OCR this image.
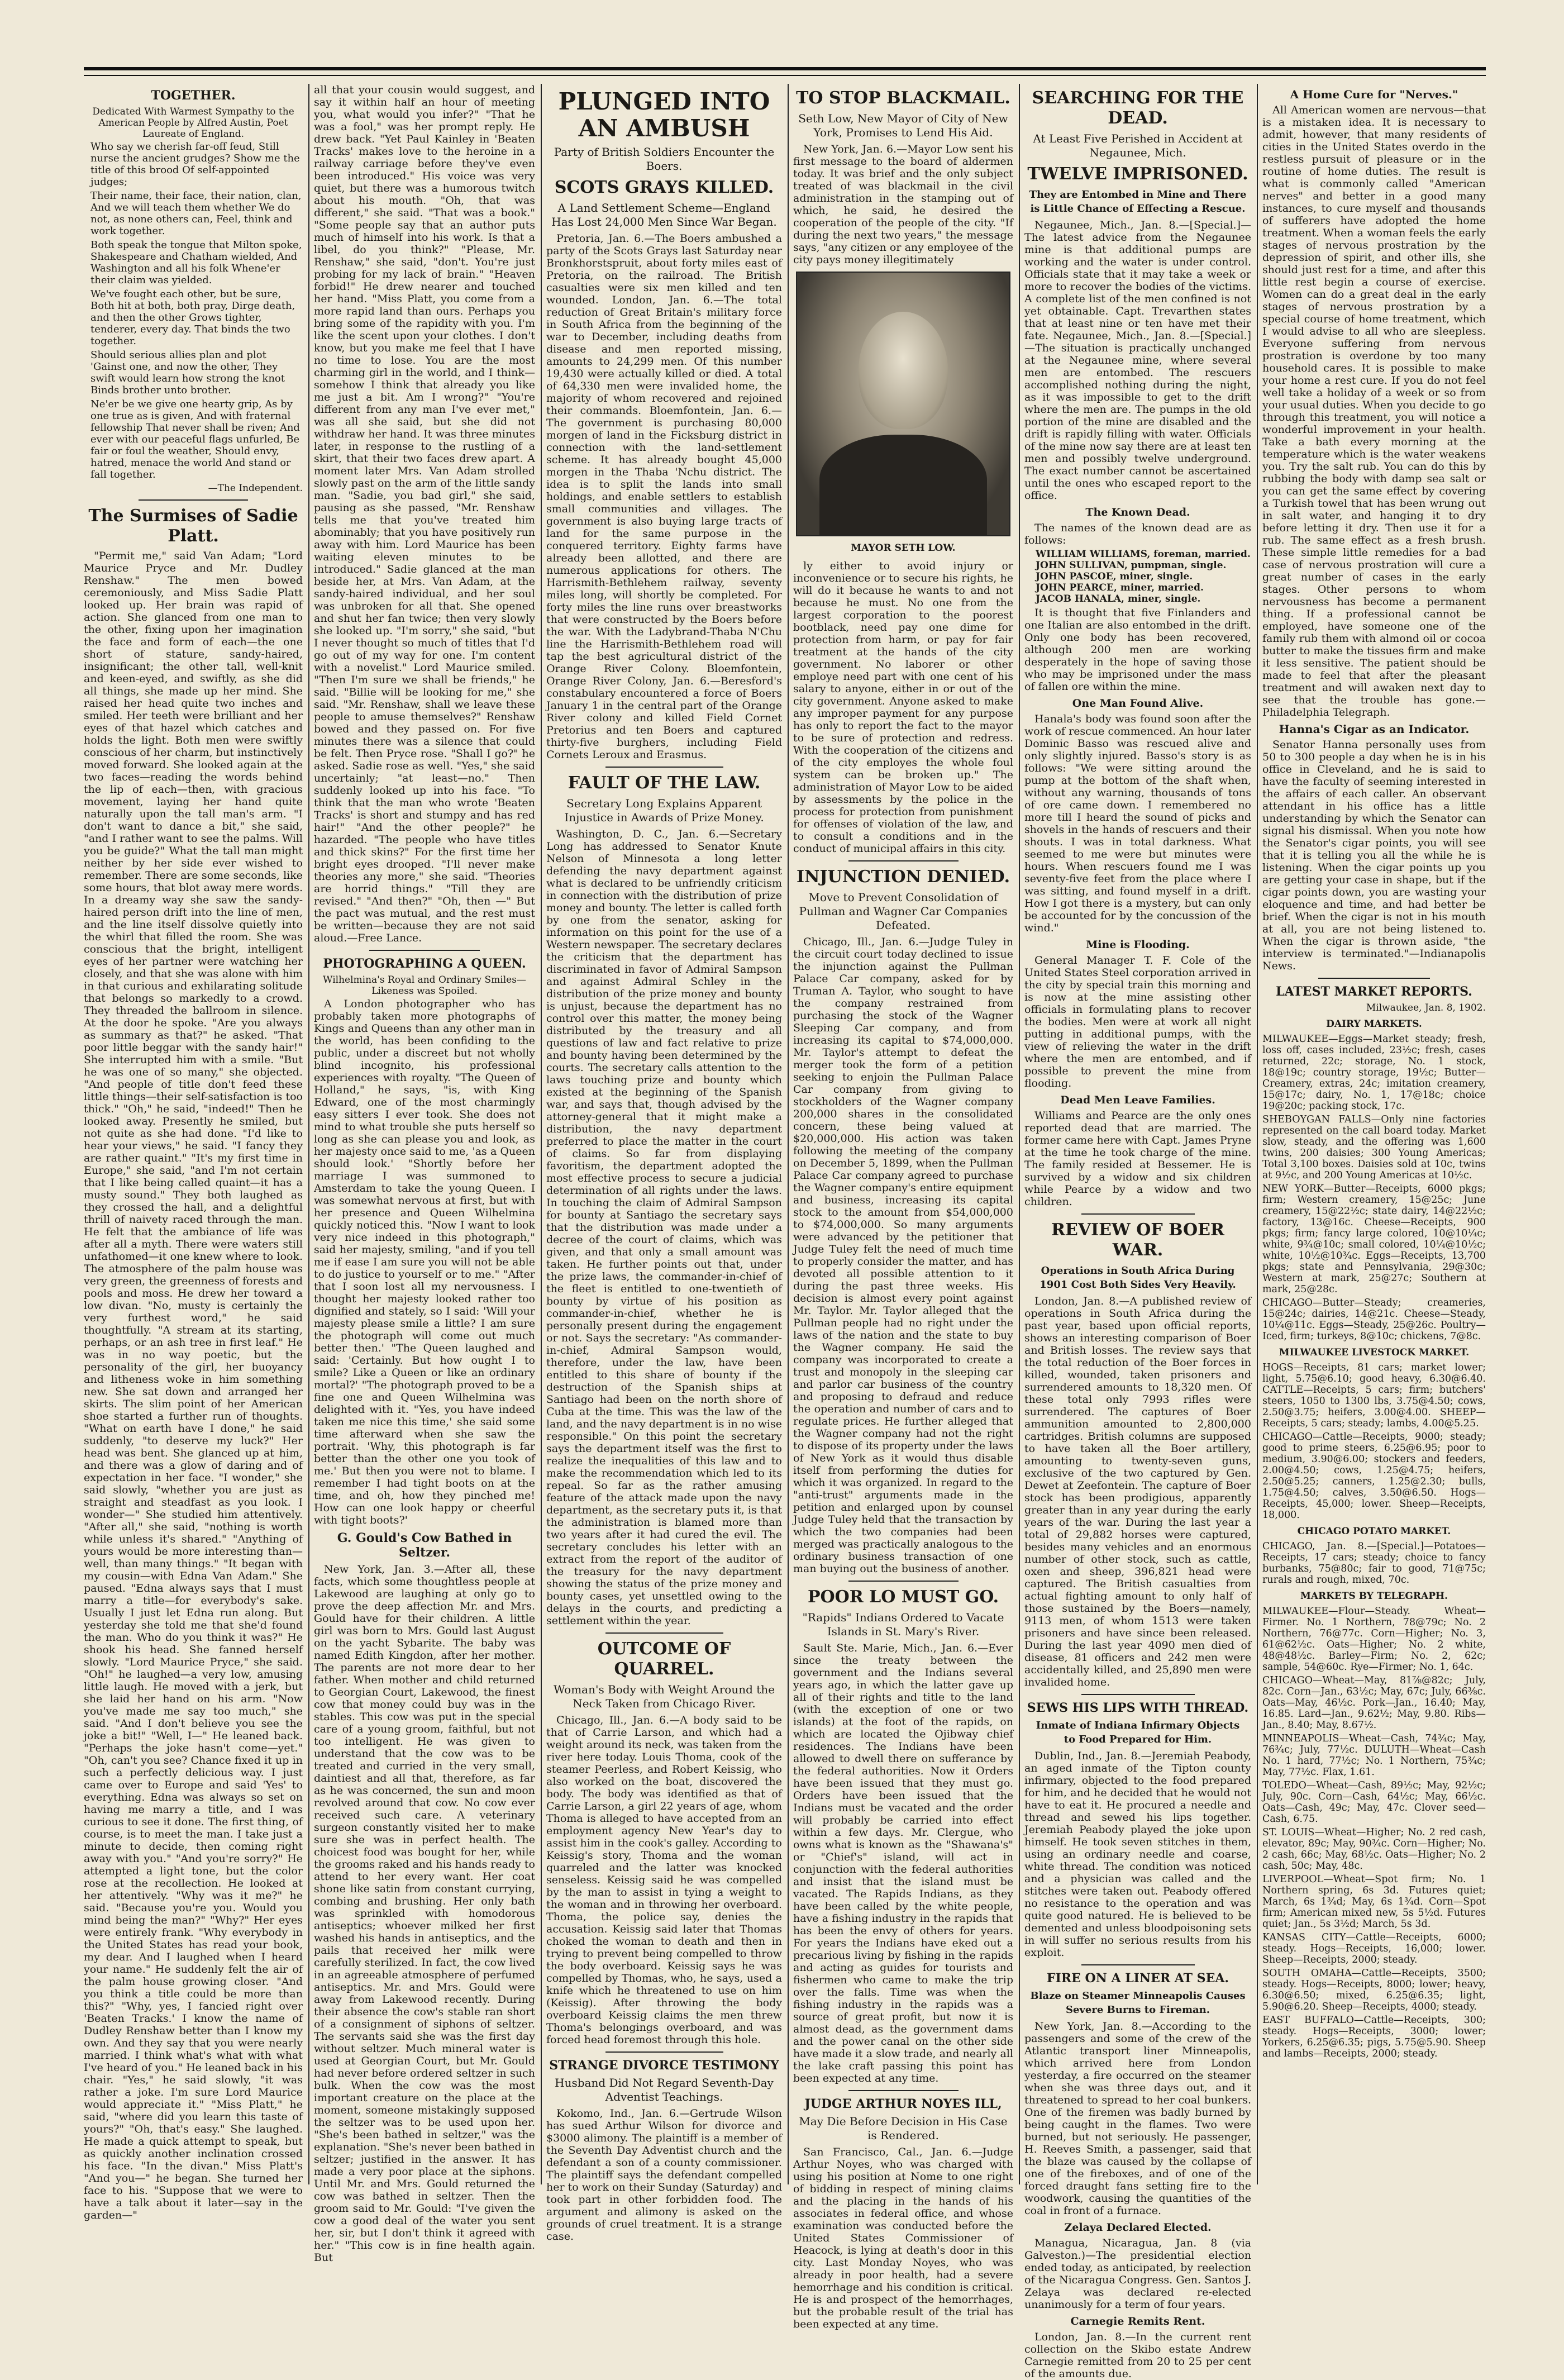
TOGETHER.
Dedicated With Warmest Sympathy to the American People by Alfred Austin, Poet Laureate of England.

Who say we cherish far-off feud, Still nurse the ancient grudges? Show me the title of this brood Of self-appointed judges;

Their name, their face, their nation, clan, And we will teach them whether We do not, as none others can, Feel, think and work together.

Both speak the tongue that Milton spoke, Shakespeare and Chatham wielded, And Washington and all his folk Whene'er their claim was yielded.

We've fought each other, but be sure, Both hit at both, both pray, Dirge death, and then the other Grows tighter, tenderer, every day. That binds the two together.

Should serious allies plan and plot 'Gainst one, and now the other, They swift would learn how strong the knot Binds brother unto brother.

Ne'er be we give one hearty grip, As by one true as is given, And with fraternal fellowship That never shall be riven; And ever with our peaceful flags unfurled, Be fair or foul the weather, Should envy, hatred, menace the world And stand or fall together.

—The Independent.
The Surmises of Sadie Platt.

"Permit me," said Van Adam; "Lord Maurice Pryce and Mr. Dudley Renshaw." The men bowed ceremoniously, and Miss Sadie Platt looked up. Her brain was rapid of action. She glanced from one man to the other, fixing upon her imagination the face and form of each—the one short of stature, sandy-haired, insignificant; the other tall, well-knit and keen-eyed, and swiftly, as she did all things, she made up her mind. She raised her head quite two inches and smiled. Her teeth were brilliant and her eyes of that hazel which catches and holds the light. Both men were swiftly conscious of her charm, but instinctively moved forward. She looked again at the two faces—reading the words behind the lip of each—then, with gracious movement, laying her hand quite naturally upon the tall man's arm. "I don't want to dance a bit," she said, "and I rather want to see the palms. Will you be guide?" What the tall man might neither by her side ever wished to remember. There are some seconds, like some hours, that blot away mere words. In a dreamy way she saw the sandy-haired person drift into the line of men, and the line itself dissolve quietly into the whirl that filled the room. She was conscious that the bright, intelligent eyes of her partner were watching her closely, and that she was alone with him in that curious and exhilarating solitude that belongs so markedly to a crowd. They threaded the ballroom in silence. At the door he spoke. "Are you always as summary as that?" he asked. "That poor little beggar with the sandy hair!" She interrupted him with a smile. "But he was one of so many," she objected. "And people of title don't feed these little things—their self-satisfaction is too thick." "Oh," he said, "indeed!" Then he looked away. Presently he smiled, but not quite as she had done. "I'd like to hear your views," he said. "I fancy they are rather quaint." "It's my first time in Europe," she said, "and I'm not certain that I like being called quaint—it has a musty sound." They both laughed as they crossed the hall, and a delightful thrill of naivety raced through the man. He felt that the ambiance of life was after all a myth. There were waters still unfathomed—it one knew where to look. The atmosphere of the palm house was very green, the greenness of forests and pools and moss. He drew her toward a low divan. "No, musty is certainly the very furthest word," he said thoughtfully. "A stream at its starting, perhaps, or an ash tree in first leaf." He was in no way poetic, but the personality of the girl, her buoyancy and litheness woke in him something new. She sat down and arranged her skirts. The slim point of her American shoe started a further run of thoughts. "What on earth have I done," he said suddenly, "to deserve my luck?" Her head was bent. She glanced up at him, and there was a glow of daring and of expectation in her face. "I wonder," she said slowly, "whether you are just as straight and steadfast as you look. I wonder—" She studied him attentively. "After all," she said, "nothing is worth while unless it's shared." "Anything of yours would be more interesting than—well, than many things." "It began with my cousin—with Edna Van Adam." She paused. "Edna always says that I must marry a title—for everybody's sake. Usually I just let Edna run along. But yesterday she told me that she'd found the man. Who do you think it was?" He shook his head. She fanned herself slowly. "Lord Maurice Pryce," she said. "Oh!" he laughed—a very low, amusing little laugh. He moved with a jerk, but she laid her hand on his arm. "Now you've made me say too much," she said. "And I don't believe you see the joke a bit!" "Well, I—" He leaned back. "Perhaps the joke hasn't come—yet." "Oh, can't you see? Chance fixed it up in such a perfectly delicious way. I just came over to Europe and said 'Yes' to everything. Edna was always so set on having me marry a title, and I was curious to see it done. The first thing, of course, is to meet the man. I take just a minute to decide, then coming right away with you." "And you're sorry?" He attempted a light tone, but the color rose at the recollection. He looked at her attentively. "Why was it me?" he said. "Because you're you. Would you mind being the man?" "Why?" Her eyes were entirely frank. "Why everybody in the United States has read your book, my dear. And I laughed when I heard your name." He suddenly felt the air of the palm house growing closer. "And you think a title could be more than this?" "Why, yes, I fancied right over 'Beaten Tracks.' I know the name of Dudley Renshaw better than I know my own. And they say that you were nearly married. I think what's what with what I've heard of you." He leaned back in his chair. "Yes," he said slowly, "it was rather a joke. I'm sure Lord Maurice would appreciate it." "Miss Platt," he said, "where did you learn this taste of yours?" "Oh, that's easy." She laughed. He made a quick attempt to speak, but as quickly another inclination crossed his face. "In the divan." Miss Platt's "And you—" he began. She turned her face to his. "Suppose that we were to have a talk about it later—say in the garden—"

all that your cousin would suggest, and say it within half an hour of meeting you, what would you infer?" "That he was a fool," was her prompt reply. He drew back. "Yet Paul Kainley in 'Beaten Tracks' makes love to the heroine in a railway carriage before they've even been introduced." His voice was very quiet, but there was a humorous twitch about his mouth. "Oh, that was different," she said. "That was a book." "Some people say that an author puts much of himself into his work. Is that a libel, do you think?" "Please, Mr. Renshaw," she said, "don't. You're just probing for my lack of brain." "Heaven forbid!" He drew nearer and touched her hand. "Miss Platt, you come from a more rapid land than ours. Perhaps you bring some of the rapidity with you. I'm like the scent upon your clothes. I don't know, but you make me feel that I have no time to lose. You are the most charming girl in the world, and I think—somehow I think that already you like me just a bit. Am I wrong?" "You're different from any man I've ever met," was all she said, but she did not withdraw her hand. It was three minutes later, in response to the rustling of a skirt, that their two faces drew apart. A moment later Mrs. Van Adam strolled slowly past on the arm of the little sandy man. "Sadie, you bad girl," she said, pausing as she passed, "Mr. Renshaw tells me that you've treated him abominably; that you have positively run away with him. Lord Maurice has been waiting eleven minutes to be introduced." Sadie glanced at the man beside her, at Mrs. Van Adam, at the sandy-haired individual, and her soul was unbroken for all that. She opened and shut her fan twice; then very slowly she looked up. "I'm sorry," she said, "but I never thought so much of titles that I'd go out of my way for one. I'm content with a novelist." Lord Maurice smiled. "Then I'm sure we shall be friends," he said. "Billie will be looking for me," she said. "Mr. Renshaw, shall we leave these people to amuse themselves?" Renshaw bowed and they passed on. For five minutes there was a silence that could be felt. Then Pryce rose. "Shall I go?" he asked. Sadie rose as well. "Yes," she said uncertainly; "at least—no." Then suddenly looked up into his face. "To think that the man who wrote 'Beaten Tracks' is short and stumpy and has red hair!" "And the other people?" he hazarded. "The people who have titles and thick skins?" For the first time her bright eyes drooped. "I'll never make theories any more," she said. "Theories are horrid things." "Till they are revised." "And then?" "Oh, then —" But the pact was mutual, and the rest must be written—because they are not said aloud.—Free Lance.

PHOTOGRAPHING A QUEEN.
Wilhelmina's Royal and Ordinary Smiles—Likeness was Spoiled.

A London photographer who has probably taken more photographs of Kings and Queens than any other man in the world, has been confiding to the public, under a discreet but not wholly blind incognito, his professional experiences with royalty. "The Queen of Holland," he says, "is, with King Edward, one of the most charmingly easy sitters I ever took. She does not mind to what trouble she puts herself so long as she can please you and look, as her majesty once said to me, 'as a Queen should look.' "Shortly before her marriage I was summoned to Amsterdam to take the young Queen. I was somewhat nervous at first, but with her presence and Queen Wilhelmina quickly noticed this. "Now I want to look very nice indeed in this photograph," said her majesty, smiling, "and if you tell me if ease I am sure you will not be able to do justice to yourself or to me." "After that I soon lost all my nervousness. I thought her majesty looked rather too dignified and stately, so I said: 'Will your majesty please smile a little? I am sure the photograph will come out much better then.' "The Queen laughed and said: 'Certainly. But how ought I to smile? Like a Queen or like an ordinary mortal?' "The photograph proved to be a fine one and Queen Wilhelmina was delighted with it. "Yes, you have indeed taken me nice this time,' she said some time afterward when she saw the portrait. 'Why, this photograph is far better than the other one you took of me.' But then you were not to blame. I remember I had tight boots on at the time, and oh, how they pinched me! How can one look happy or cheerful with tight boots?'

G. Gould's Cow Bathed in Seltzer.

New York, Jan. 3.—After all, these facts, which some thoughtless people at Lakewood are laughing at only go to prove the deep affection Mr. and Mrs. Gould have for their children. A little girl was born to Mrs. Gould last August on the yacht Sybarite. The baby was named Edith Kingdon, after her mother. The parents are not more dear to her father. When mother and child returned to Georgian Court, Lakewood, the finest cow that money could buy was in the stables. This cow was put in the special care of a young groom, faithful, but not too intelligent. He was given to understand that the cow was to be treated and curried in the very small, daintiest and all that, therefore, as far as he was concerned, the sun and moon revolved around that cow. No cow ever received such care. A veterinary surgeon constantly visited her to make sure she was in perfect health. The choicest food was bought for her, while the grooms raked and his hands ready to attend to her every want. Her coat shone like satin from constant currying, combing and brushing. Her only bath was sprinkled with homodorous antiseptics; whoever milked her first washed his hands in antiseptics, and the pails that received her milk were carefully sterilized. In fact, the cow lived in an agreeable atmosphere of perfumed antiseptics. Mr. and Mrs. Gould were away from Lakewood recently. During their absence the cow's stable ran short of a consignment of siphons of seltzer. The servants said she was the first day without seltzer. Much mineral water is used at Georgian Court, but Mr. Gould had never before ordered seltzer in such bulk. When the cow was the most important creature on the place at the moment, someone mistakingly supposed the seltzer was to be used upon her. "She's been bathed in seltzer," was the explanation. "She's never been bathed in seltzer; justified in the answer. It has made a very poor place at the siphons. Until Mr. and Mrs. Gould returned the cow was bathed in seltzer. Then the groom said to Mr. Gould: "I've given the cow a good deal of the water you sent her, sir, but I don't think it agreed with her." "This cow is in fine health again. But

PLUNGED INTO AN AMBUSH
Party of British Soldiers Encounter the Boers.
SCOTS GRAYS KILLED.
A Land Settlement Scheme—England Has Lost 24,000 Men Since War Began.

Pretoria, Jan. 6.—The Boers ambushed a party of the Scots Grays last Saturday near Bronkhorstspruit, about forty miles east of Pretoria, on the railroad. The British casualties were six men killed and ten wounded. London, Jan. 6.—The total reduction of Great Britain's military force in South Africa from the beginning of the war to December, including deaths from disease and men reported missing, amounts to 24,299 men. Of this number 19,430 were actually killed or died. A total of 64,330 men were invalided home, the majority of whom recovered and rejoined their commands. Bloemfontein, Jan. 6.—The government is purchasing 80,000 morgen of land in the Ficksburg district in connection with the land-settlement scheme. It has already bought 45,000 morgen in the Thaba 'Nchu district. The idea is to split the lands into small holdings, and enable settlers to establish small communities and villages. The government is also buying large tracts of land for the same purpose in the conquered territory. Eighty farms have already been allotted, and there are numerous applications for others. The Harrismith-Bethlehem railway, seventy miles long, will shortly be completed. For forty miles the line runs over breastworks that were constructed by the Boers before the war. With the Ladybrand-Thaba N'Chu line the Harrismith-Bethlehem road will tap the best agricultural district of the Orange River Colony. Bloemfontein, Orange River Colony, Jan. 6.—Beresford's constabulary encountered a force of Boers January 1 in the central part of the Orange River colony and killed Field Cornet Pretorius and ten Boers and captured thirty-five burghers, including Field Cornets Leroux and Erasmus.

FAULT OF THE LAW.
Secretary Long Explains Apparent Injustice in Awards of Prize Money.

Washington, D. C., Jan. 6.—Secretary Long has addressed to Senator Knute Nelson of Minnesota a long letter defending the navy department against what is declared to be unfriendly criticism in connection with the distribution of prize money and bounty. The letter is called forth by one from the senator, asking for information on this point for the use of a Western newspaper. The secretary declares the criticism that the department has discriminated in favor of Admiral Sampson and against Admiral Schley in the distribution of the prize money and bounty is unjust, because the department has no control over this matter, the money being distributed by the treasury and all questions of law and fact relative to prize and bounty having been determined by the courts. The secretary calls attention to the laws touching prize and bounty which existed at the beginning of the Spanish war, and says that, though advised by the attorney-general that it might make a distribution, the navy department preferred to place the matter in the court of claims. So far from displaying favoritism, the department adopted the most effective process to secure a judicial determination of all rights under the laws. In touching the claim of Admiral Sampson for bounty at Santiago the secretary says that the distribution was made under a decree of the court of claims, which was given, and that only a small amount was taken. He further points out that, under the prize laws, the commander-in-chief of the fleet is entitled to one-twentieth of bounty by virtue of his position as commander-in-chief, whether he is personally present during the engagement or not. Says the secretary: "As commander-in-chief, Admiral Sampson would, therefore, under the law, have been entitled to this share of bounty if the destruction of the Spanish ships at Santiago had been on the north shore of Cuba at the time. This was the law of the land, and the navy department is in no wise responsible." On this point the secretary says the department itself was the first to realize the inequalities of this law and to make the recommendation which led to its repeal. So far as the rather amusing feature of the attack made upon the navy department, as the secretary puts it, is that the administration is blamed more than two years after it had cured the evil. The secretary concludes his letter with an extract from the report of the auditor of the treasury for the navy department showing the status of the prize money and bounty cases, yet unsettled owing to the delays in the courts, and predicting a settlement within the year.

OUTCOME OF QUARREL.
Woman's Body with Weight Around the Neck Taken from Chicago River.

Chicago, Ill., Jan. 6.—A body said to be that of Carrie Larson, and which had a weight around its neck, was taken from the river here today. Louis Thoma, cook of the steamer Peerless, and Robert Keissig, who also worked on the boat, discovered the body. The body was identified as that of Carrie Larson, a girl 22 years of age, whom Thoma is alleged to have accepted from an employment agency New Year's day to assist him in the cook's galley. According to Keissig's story, Thoma and the woman quarreled and the latter was knocked senseless. Keissig said he was compelled by the man to assist in tying a weight to the woman and in throwing her overboard. Thoma, the police say, denies the accusation. Keissig said later that Thomas choked the woman to death and then in trying to prevent being compelled to throw the body overboard. Keissig says he was compelled by Thomas, who, he says, used a knife which he threatened to use on him (Keissig). After throwing the body overboard Keissig claims the men threw Thoma's belongings overboard, and was forced head foremost through this hole.

STRANGE DIVORCE TESTIMONY
Husband Did Not Regard Seventh-Day Adventist Teachings.

Kokomo, Ind., Jan. 6.—Gertrude Wilson has sued Arthur Wilson for divorce and $3000 alimony. The plaintiff is a member of the Seventh Day Adventist church and the defendant a son of a county commissioner. The plaintiff says the defendant compelled her to work on their Sunday (Saturday) and took part in other forbidden food. The argument and alimony is asked on the grounds of cruel treatment. It is a strange case.

TO STOP BLACKMAIL.
Seth Low, New Mayor of City of New York, Promises to Lend His Aid.

New York, Jan. 6.—Mayor Low sent his first message to the board of aldermen today. It was brief and the only subject treated of was blackmail in the civil administration in the stamping out of which, he said, he desired the cooperation of the people of the city. "If during the next two years," the message says, "any citizen or any employee of the city pays money illegitimately

MAYOR SETH LOW.

ly either to avoid injury or inconvenience or to secure his rights, he will do it because he wants to and not because he must. No one from the largest corporation to the poorest bootblack, need pay one dime for protection from harm, or pay for fair treatment at the hands of the city government. No laborer or other employe need part with one cent of his salary to anyone, either in or out of the city government. Anyone asked to make any improper payment for any purpose has only to report the fact to the mayor to be sure of protection and redress. With the cooperation of the citizens and of the city employes the whole foul system can be broken up." The administration of Mayor Low to be aided by assessments by the police in the process for protection from punishment for offenses of violation of the law, and to consult a conditions and in the conduct of municipal affairs in this city.

INJUNCTION DENIED.
Move to Prevent Consolidation of Pullman and Wagner Car Companies Defeated.

Chicago, Ill., Jan. 6.—Judge Tuley in the circuit court today declined to issue the injunction against the Pullman Palace Car company, asked for by Truman A. Taylor, who sought to have the company restrained from purchasing the stock of the Wagner Sleeping Car company, and from increasing its capital to $74,000,000. Mr. Taylor's attempt to defeat the merger took the form of a petition seeking to enjoin the Pullman Palace Car company from giving to stockholders of the Wagner company 200,000 shares in the consolidated concern, these being valued at $20,000,000. His action was taken following the meeting of the company on December 5, 1899, when the Pullman Palace Car company agreed to purchase the Wagner company's entire equipment and business, increasing its capital stock to the amount from $54,000,000 to $74,000,000. So many arguments were advanced by the petitioner that Judge Tuley felt the need of much time to properly consider the matter, and has devoted all possible attention to it during the past three weeks. His decision is almost every point against Mr. Taylor. Mr. Taylor alleged that the Pullman people had no right under the laws of the nation and the state to buy the Wagner company. He said the company was incorporated to create a trust and monopoly in the sleeping car and parlor car business of the country and proposing to defraud and reduce the operation and number of cars and to regulate prices. He further alleged that the Wagner company had not the right to dispose of its property under the laws of New York as it would thus disable itself from performing the duties for which it was organized. In regard to the "anti-trust" arguments made in the petition and enlarged upon by counsel Judge Tuley held that the transaction by which the two companies had been merged was practically analogous to the ordinary business transaction of one man buying out the business of another.

POOR LO MUST GO.
"Rapids" Indians Ordered to Vacate Islands in St. Mary's River.

Sault Ste. Marie, Mich., Jan. 6.—Ever since the treaty between the government and the Indians several years ago, in which the latter gave up all of their rights and title to the land (with the exception of one or two islands) at the foot of the rapids, on which are located the Ojibway chief residences. The Indians have been allowed to dwell there on sufferance by the federal authorities. Now it Orders have been issued that they must go. Orders have been issued that the Indians must be vacated and the order will probably be carried into effect within a few days. Mr. Clergue, who owns what is known as the "Shawana's" or "Chief's" island, will act in conjunction with the federal authorities and insist that the island must be vacated. The Rapids Indians, as they have been called by the white people, have a fishing industry in the rapids that has been the envy of others for years. For years the Indians have eked out a precarious living by fishing in the rapids and acting as guides for tourists and fishermen who came to make the trip over the falls. Time was when the fishing industry in the rapids was a source of great profit, but now it is almost dead, as the government dams and the power canal on the other side have made it a slow trade, and nearly all the lake craft passing this point has been expected at any time.

JUDGE ARTHUR NOYES ILL,
May Die Before Decision in His Case is Rendered.

San Francisco, Cal., Jan. 6.—Judge Arthur Noyes, who was charged with using his position at Nome to one right of bidding in respect of mining claims and the placing in the hands of his associates in federal office, and whose examination was conducted before the United States Commissioner of Heacock, is lying at death's door in this city. Last Monday Noyes, who was already in poor health, had a severe hemorrhage and his condition is critical. He is and prospect of the hemorrhages, but the probable result of the trial has been expected at any time.

SEARCHING FOR THE DEAD.
At Least Five Perished in Accident at Negaunee, Mich.
TWELVE IMPRISONED.
They are Entombed in Mine and There is Little Chance of Effecting a Rescue.

Negaunee, Mich., Jan. 8.—[Special.]—The latest advice from the Negaunee mine is that additional pumps are working and the water is under control. Officials state that it may take a week or more to recover the bodies of the victims. A complete list of the men confined is not yet obtainable. Capt. Trevarthen states that at least nine or ten have met their fate. Negaunee, Mich., Jan. 8.—[Special.]—The situation is practically unchanged at the Negaunee mine, where several men are entombed. The rescuers accomplished nothing during the night, as it was impossible to get to the drift where the men are. The pumps in the old portion of the mine are disabled and the drift is rapidly filling with water. Officials of the mine now say there are at least ten men and possibly twelve underground. The exact number cannot be ascertained until the ones who escaped report to the office.

The Known Dead.

The names of the known dead are as follows:

WILLIAM WILLIAMS, foreman, married.
JOHN SULLIVAN, pumpman, single.
JOHN PASCOE, miner, single.
JOHN PEARCE, miner, married.
JACOB HANALA, miner, single.

It is thought that five Finlanders and one Italian are also entombed in the drift. Only one body has been recovered, although 200 men are working desperately in the hope of saving those who may be imprisoned under the mass of fallen ore within the mine.

One Man Found Alive.

Hanala's body was found soon after the work of rescue commenced. An hour later Dominic Basso was rescued alive and only slightly injured. Basso's story is as follows: "We were sitting around the pump at the bottom of the shaft when, without any warning, thousands of tons of ore came down. I remembered no more till I heard the sound of picks and shovels in the hands of rescuers and their shouts. I was in total darkness. What seemed to me were but minutes were hours. When rescuers found me I was seventy-five feet from the place where I was sitting, and found myself in a drift. How I got there is a mystery, but can only be accounted for by the concussion of the wind."

Mine is Flooding.

General Manager T. F. Cole of the United States Steel corporation arrived in the city by special train this morning and is now at the mine assisting other officials in formulating plans to recover the bodies. Men were at work all night putting in additional pumps, with the view of relieving the water in the drift where the men are entombed, and if possible to prevent the mine from flooding.

Dead Men Leave Families.

Williams and Pearce are the only ones reported dead that are married. The former came here with Capt. James Pryne at the time he took charge of the mine. The family resided at Bessemer. He is survived by a widow and six children while Pearce by a widow and two children.

REVIEW OF BOER WAR.
Operations in South Africa During 1901 Cost Both Sides Very Heavily.

London, Jan. 8.—A published review of operations in South Africa during the past year, based upon official reports, shows an interesting comparison of Boer and British losses. The review says that the total reduction of the Boer forces in killed, wounded, taken prisoners and surrendered amounts to 18,320 men. Of these total only 7993 rifles were surrendered. The captures of Boer ammunition amounted to 2,800,000 cartridges. British columns are supposed to have taken all the Boer artillery, amounting to twenty-seven guns, exclusive of the two captured by Gen. Dewet at Zeefontein. The capture of Boer stock has been prodigious, apparently greater than in any year during the early years of the war. During the last year a total of 29,882 horses were captured, besides many vehicles and an enormous number of other stock, such as cattle, oxen and sheep, 396,821 head were captured. The British casualties from actual fighting amount to only half of those sustained by the Boers—namely, 9113 men, of whom 1513 were taken prisoners and have since been released. During the last year 4090 men died of disease, 81 officers and 242 men were accidentally killed, and 25,890 men were invalided home.

SEWS HIS LIPS WITH THREAD.
Inmate of Indiana Infirmary Objects to Food Prepared for Him.

Dublin, Ind., Jan. 8.—Jeremiah Peabody, an aged inmate of the Tipton county infirmary, objected to the food prepared for him, and he decided that he would not have to eat it. He procured a needle and thread and sewed his lips together. Jeremiah Peabody played the joke upon himself. He took seven stitches in them, using an ordinary needle and coarse, white thread. The condition was noticed and a physician was called and the stitches were taken out. Peabody offered no resistance to the operation and was quite good natured. He is believed to be demented and unless bloodpoisoning sets in will suffer no serious results from his exploit.

FIRE ON A LINER AT SEA.
Blaze on Steamer Minneapolis Causes Severe Burns to Fireman.

New York, Jan. 8.—According to the passengers and some of the crew of the Atlantic transport liner Minneapolis, which arrived here from London yesterday, a fire occurred on the steamer when she was three days out, and it threatened to spread to her coal bunkers. One of the firemen was badly burned by being caught in the flames. Two were burned, but not seriously. He passenger, H. Reeves Smith, a passenger, said that the blaze was caused by the collapse of one of the fireboxes, and of one of the forced draught fans setting fire to the woodwork, causing the quantities of the coal in front of a furnace.

Zelaya Declared Elected.

Managua, Nicaragua, Jan. 8 (via Galveston.)—The presidential election ended today, as anticipated, by reelection of the Nicaragua Congress. Gen. Santos J. Zelaya was declared re-elected unanimously for a term of four years.

Carnegie Remits Rent.

London, Jan. 8.—In the current rent collection on the Skibo estate Andrew Carnegie remitted from 20 to 25 per cent of the amounts due.

A Home Cure for "Nerves."

All American women are nervous—that is a mistaken idea. It is necessary to admit, however, that many residents of cities in the United States overdo in the restless pursuit of pleasure or in the routine of home duties. The result is what is commonly called "American nerves" and better in a good many instances, to cure myself and thousands of sufferers have adopted the home treatment. When a woman feels the early stages of nervous prostration by the depression of spirit, and other ills, she should just rest for a time, and after this little rest begin a course of exercise. Women can do a great deal in the early stages of nervous prostration by a special course of home treatment, which I would advise to all who are sleepless. Everyone suffering from nervous prostration is overdone by too many household cares. It is possible to make your home a rest cure. If you do not feel well take a holiday of a week or so from your usual duties. When you decide to go through this treatment, you will notice a wonderful improvement in your health. Take a bath every morning at the temperature which is the water weakens you. Try the salt rub. You can do this by rubbing the body with damp sea salt or you can get the same effect by covering a Turkish towel that has been wrung out in salt water, and hanging it to dry before letting it dry. Then use it for a rub. The same effect as a fresh brush. These simple little remedies for a bad case of nervous prostration will cure a great number of cases in the early stages. Other persons to whom nervousness has become a permanent thing. If a professional cannot be employed, have someone one of the family rub them with almond oil or cocoa butter to make the tissues firm and make it less sensitive. The patient should be made to feel that after the pleasant treatment and will awaken next day to see that the trouble has gone.—Philadelphia Telegraph.

Hanna's Cigar as an Indicator.

Senator Hanna personally uses from 50 to 300 people a day when he is in his office in Cleveland, and he is said to have the faculty of seeming interested in the affairs of each caller. An observant attendant in his office has a little understanding by which the Senator can signal his dismissal. When you note how the Senator's cigar points, you will see that it is telling you all the while he is listening. When the cigar points up you are getting your case in shape, but if the cigar points down, you are wasting your eloquence and time, and had better be brief. When the cigar is not in his mouth at all, you are not being listened to. When the cigar is thrown aside, "the interview is terminated."—Indianapolis News.

LATEST MARKET REPORTS.
Milwaukee, Jan. 8, 1902.
DAIRY MARKETS.

MILWAUKEE—Eggs—Market steady; fresh, loss off, cases included, 23½c; fresh, cases returned, 22c; storage, No. 1 stock, 18@19c; country storage, 19½c; Butter—Creamery, extras, 24c; imitation creamery, 15@17c; dairy, No. 1, 17@18c; choice 19@20c; packing stock, 17c.

SHEBOYGAN FALLS—Only nine factories represented on the call board today. Market slow, steady, and the offering was 1,600 twins, 200 daisies; 300 Young Americas; Total 3,100 boxes. Daisies sold at 10c, twins at 9½c, and 200 Young Americas at 10½c.

NEW YORK—Butter—Receipts, 6000 pkgs; firm; Western creamery, 15@25c; June creamery, 15@22½c; state dairy, 14@22½c; factory, 13@16c. Cheese—Receipts, 900 pkgs; firm; fancy large colored, 10@10¼c; white, 9¾@10c; small colored, 10¼@10½c; white, 10½@10¾c. Eggs—Receipts, 13,700 pkgs; state and Pennsylvania, 29@30c; Western at mark, 25@27c; Southern at mark, 25@28c.

CHICAGO—Butter—Steady; creameries, 15@24c; dairies, 14@21c. Cheese—Steady, 10¼@11c. Eggs—Steady, 25@26c. Poultry—Iced, firm; turkeys, 8@10c; chickens, 7@8c.

MILWAUKEE LIVESTOCK MARKET.

HOGS—Receipts, 81 cars; market lower; light, 5.75@6.10; good heavy, 6.30@6.40. CATTLE—Receipts, 5 cars; firm; butchers' steers, 1050 to 1300 lbs, 3.75@4.50; cows, 2.50@3.75; heifers, 3.00@4.00. SHEEP—Receipts, 5 cars; steady; lambs, 4.00@5.25.

CHICAGO—Cattle—Receipts, 9000; steady; good to prime steers, 6.25@6.95; poor to medium, 3.90@6.00; stockers and feeders, 2.00@4.50; cows, 1.25@4.75; heifers, 2.50@5.25; canners, 1.25@2.30; bulls, 1.75@4.50; calves, 3.50@6.50. Hogs—Receipts, 45,000; lower. Sheep—Receipts, 18,000.

CHICAGO POTATO MARKET.

CHICAGO, Jan. 8.—[Special.]—Potatoes—Receipts, 17 cars; steady; choice to fancy burbanks, 75@80c; fair to good, 71@75c; rurals and rough, mixed, 70c.

MARKETS BY TELEGRAPH.

MILWAUKEE—Flour—Steady. Wheat—Firmer. No. 1 Northern, 78@79c; No. 2 Northern, 76@77c. Corn—Higher; No. 3, 61@62½c. Oats—Higher; No. 2 white, 48@48½c. Barley—Firm; No. 2, 62c; sample, 54@60c. Rye—Firmer; No. 1, 64c.

CHICAGO—Wheat—May, 81⅞@82c; July, 82c. Corn—Jan., 63½c; May, 67c; July, 66⅜c. Oats—May, 46½c. Pork—Jan., 16.40; May, 16.85. Lard—Jan., 9.62½; May, 9.80. Ribs—Jan., 8.40; May, 8.67½.

MINNEAPOLIS—Wheat—Cash, 74¾c; May, 76¾c; July, 77½c. DULUTH—Wheat—Cash No. 1 hard, 77½c; No. 1 Northern, 75¾c; May, 77½c. Flax, 1.61.

TOLEDO—Wheat—Cash, 89½c; May, 92½c; July, 90c. Corn—Cash, 64½c; May, 66½c. Oats—Cash, 49c; May, 47c. Clover seed—Cash, 6.75.

ST. LOUIS—Wheat—Higher; No. 2 red cash, elevator, 89c; May, 90¾c. Corn—Higher; No. 2 cash, 66c; May, 68½c. Oats—Higher; No. 2 cash, 50c; May, 48c.

LIVERPOOL—Wheat—Spot firm; No. 1 Northern spring, 6s 3d. Futures quiet; March, 6s 1¾d; May, 6s 1¾d. Corn—Spot firm; American mixed new, 5s 5½d. Futures quiet; Jan., 5s 3½d; March, 5s 3d.

KANSAS CITY—Cattle—Receipts, 6000; steady. Hogs—Receipts, 16,000; lower. Sheep—Receipts, 2000; steady.

SOUTH OMAHA—Cattle—Receipts, 3500; steady. Hogs—Receipts, 8000; lower; heavy, 6.30@6.50; mixed, 6.25@6.35; light, 5.90@6.20. Sheep—Receipts, 4000; steady.

EAST BUFFALO—Cattle—Receipts, 300; steady. Hogs—Receipts, 3000; lower; Yorkers, 6.25@6.35; pigs, 5.75@5.90. Sheep and lambs—Receipts, 2000; steady.
